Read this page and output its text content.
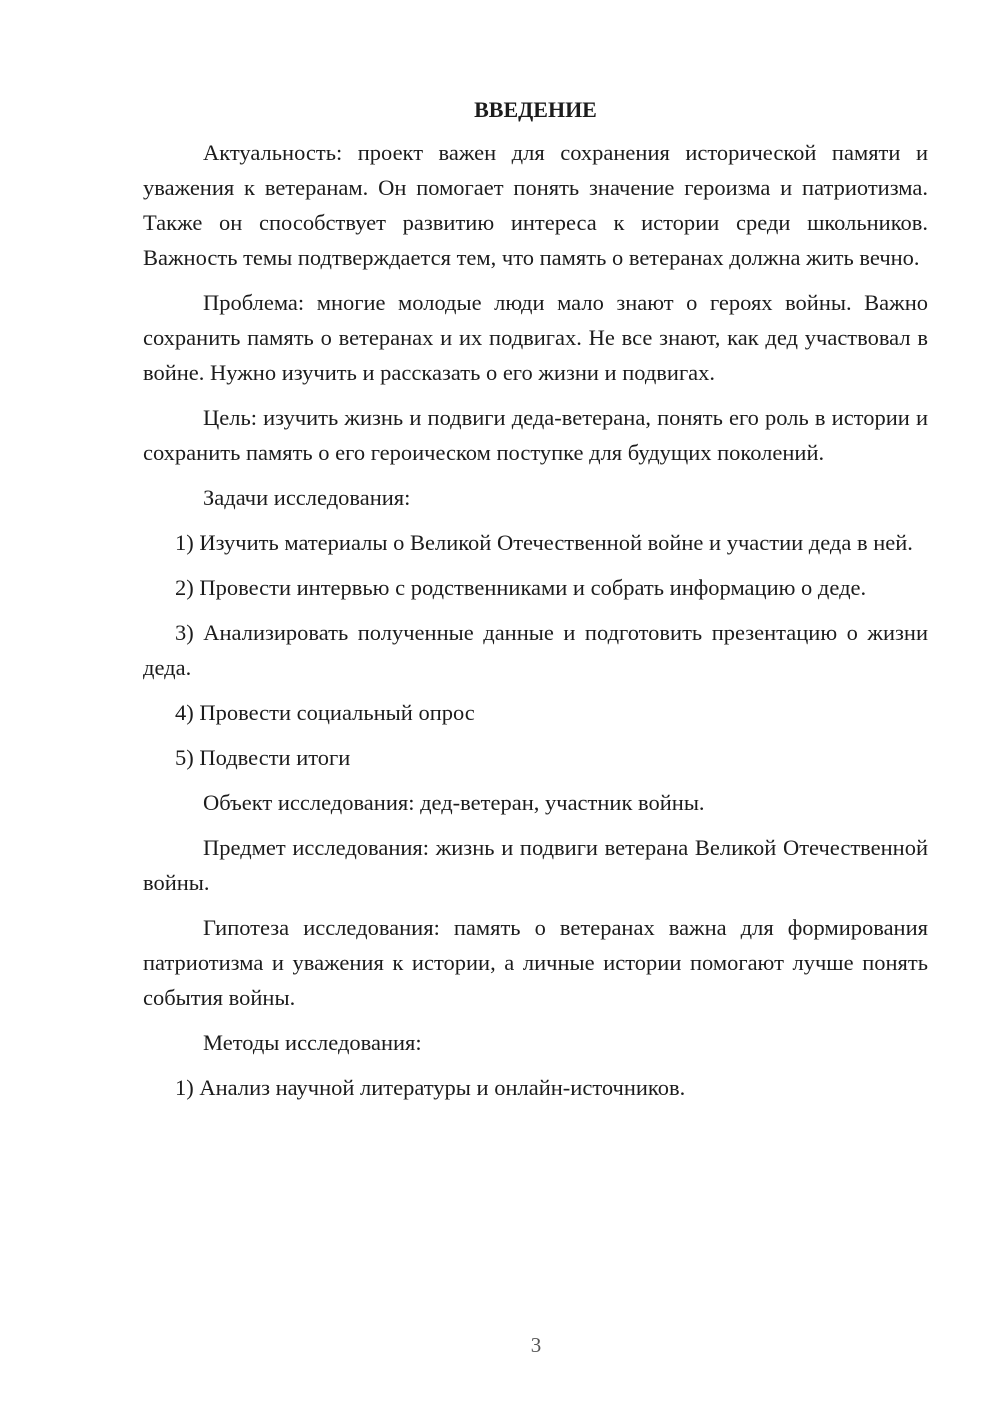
ВВЕДЕНИЕ

Актуальность: проект важен для сохранения исторической памяти и уважения к ветеранам. Он помогает понять значение героизма и патриотизма. Также он способствует развитию интереса к истории среди школьников. Важность темы подтверждается тем, что память о ветеранах должна жить вечно.

Проблема: многие молодые люди мало знают о героях войны. Важно сохранить память о ветеранах и их подвигах. Не все знают, как дед участвовал в войне. Нужно изучить и рассказать о его жизни и подвигах.

Цель: изучить жизнь и подвиги деда-ветерана, понять его роль в истории и сохранить память о его героическом поступке для будущих поколений.

Задачи исследования:

1) Изучить материалы о Великой Отечественной войне и участии деда в ней.

2) Провести интервью с родственниками и собрать информацию о деде.

3) Анализировать полученные данные и подготовить презентацию о жизни деда.

4) Провести социальный опрос

5) Подвести итоги

Объект исследования: дед-ветеран, участник войны.

Предмет исследования: жизнь и подвиги ветерана Великой Отечественной войны.

Гипотеза исследования: память о ветеранах важна для формирования патриотизма и уважения к истории, а личные истории помогают лучше понять события войны.

Методы исследования:

1) Анализ научной литературы и онлайн-источников.

3
